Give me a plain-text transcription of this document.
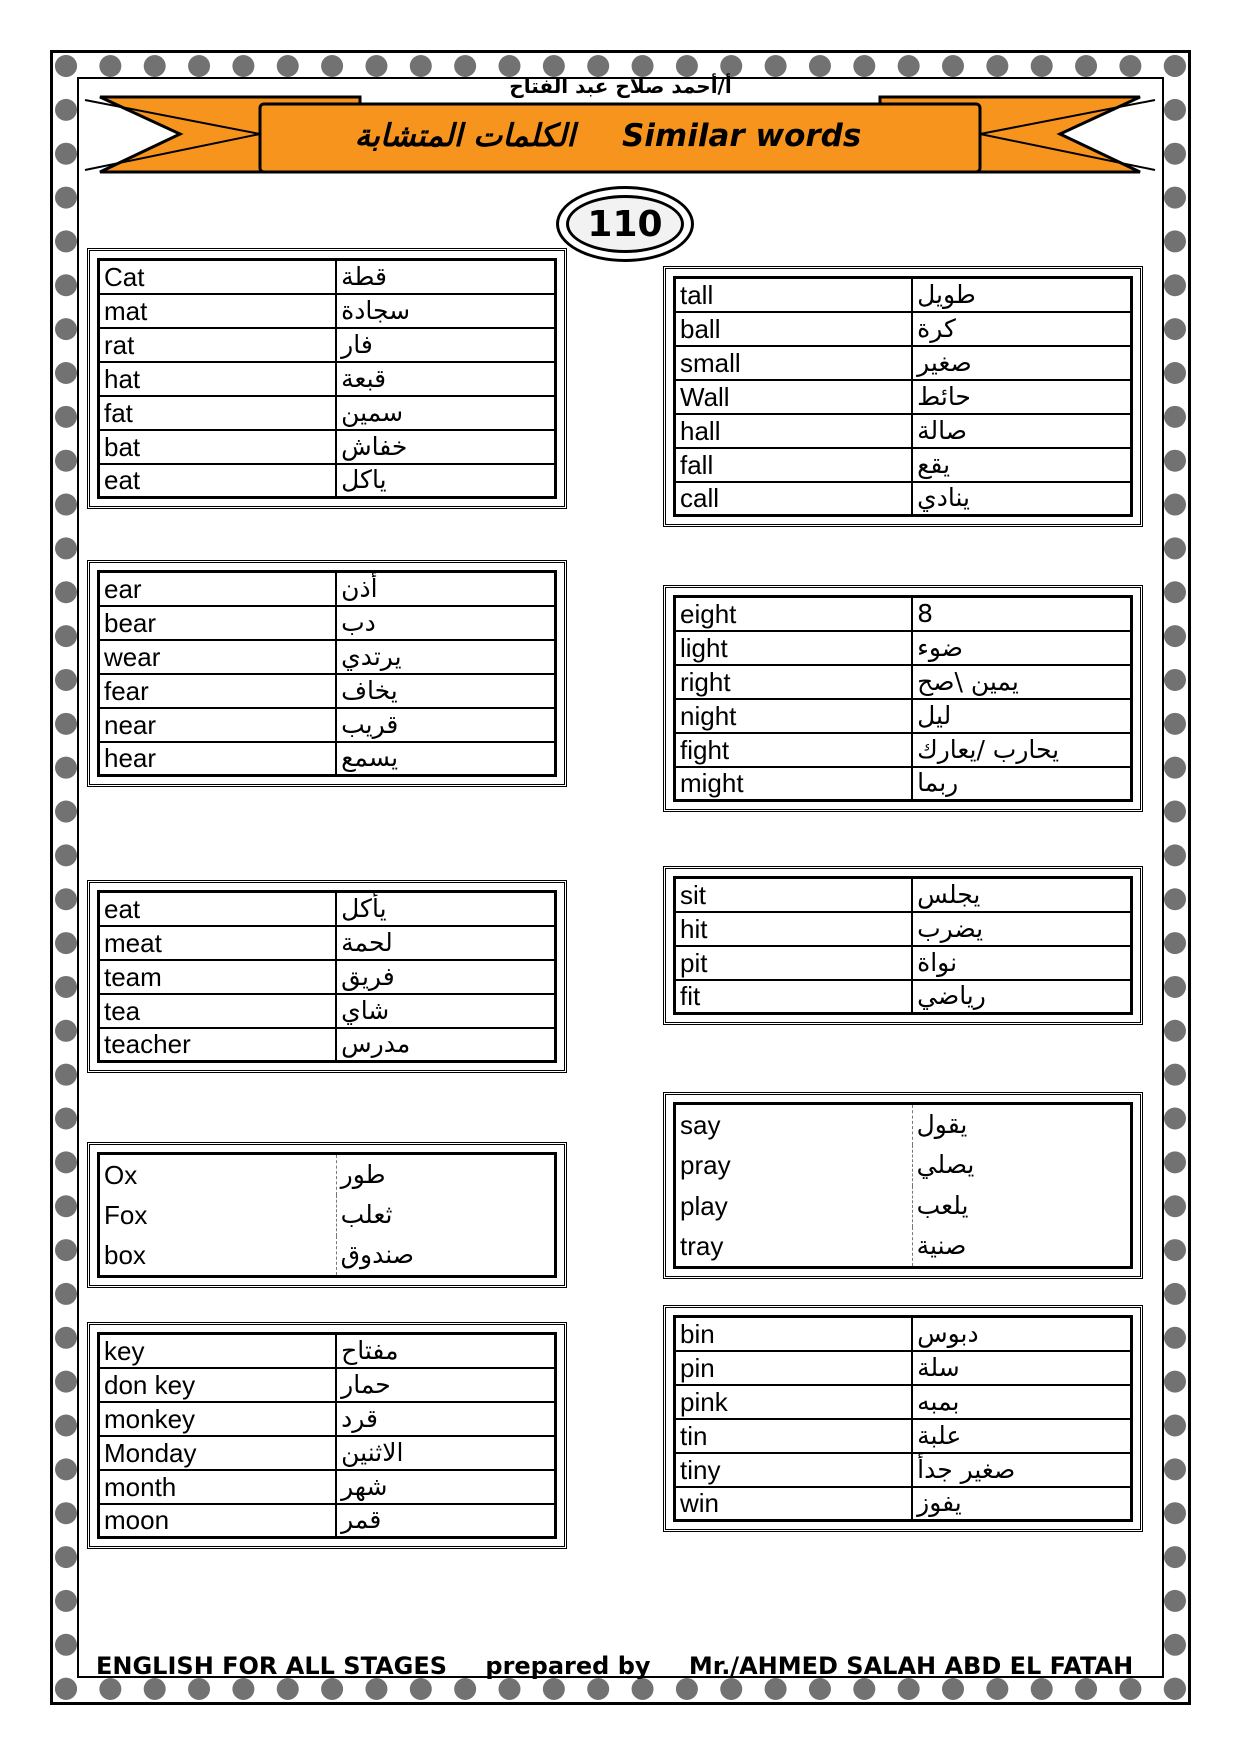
أ/أحمد صلاح عبد الفتاح
الكلمات المتشابة Similar words
110
Cat	قطة
mat	سجادة
rat	فار
hat	قبعة
fat	سمين
bat	خفاش
eat	ياكل
ear	أذن
bear	دب
wear	يرتدي
fear	يخاف
near	قريب
hear	يسمع
eat	يأكل
meat	لحمة
team	فريق
tea	شاي
teacher	مدرس
Ox	طور
Fox	ثعلب
box	صندوق
key	مفتاح
don key	حمار
monkey	قرد
Monday	الاثنين
month	شهر
moon	قمر
tall	طويل
ball	كرة
small	صغير
Wall	حائط
hall	صالة
fall	يقع
call	ينادي
eight	8
light	ضوء
right	يمين \صح
night	ليل
fight	يحارب /يعارك
might	ربما
sit	يجلس
hit	يضرب
pit	نواة
fit	رياضي
say	يقول
pray	يصلي
play	يلعب
tray	صنية
bin	دبوس
pin	سلة
pink	بمبه
tin	علبة
tiny	صغير جدأ
win	يفوز
ENGLISH FOR ALL STAGES prepared by Mr./AHMED SALAH ABD EL FATAH
